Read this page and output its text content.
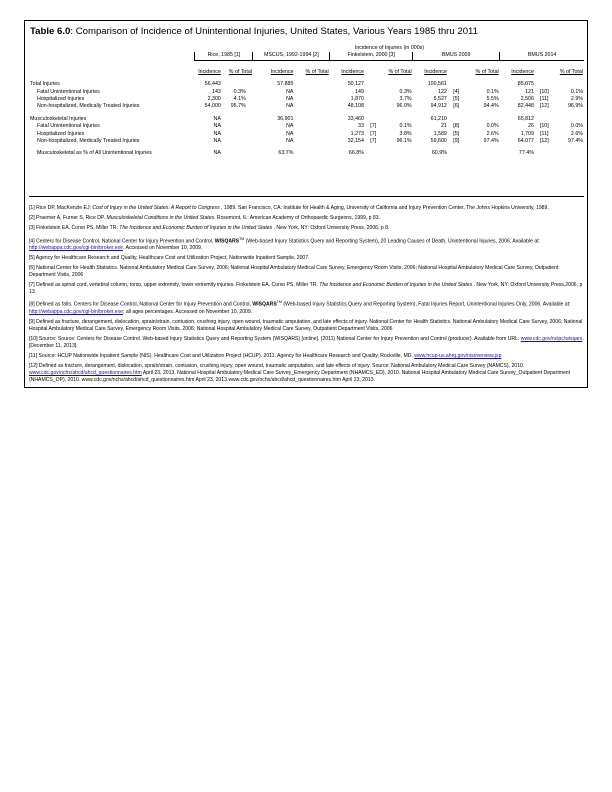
Table 6.0: Comparison of Incidence of Unintentional Injuries, United States, Various Years 1985 thru 2011
	Incidence of Injuries (in 000s)														
	Rice, 1985 [1]			MSCUS, 1992-1994 [2]			Finkelstein, 2000 [3]			BMUS 2009			BMUS 2014		
	Incidence	% of Total		Incidence	% of Total		Incidence	% of Total		Incidence	% of Total		Incidence	% of Total	

Total Injuries	56,443			57,885			50,127			100,561			85,075		
Fatal Unintentional Injuries	143	0.3%		NA			149		0.3%	122	[4]	0.1%	121	[10]	0.1%
Hospitalized Injuries	2,300	4.1%		NA			1,870		3.7%	5,527	[5]	5.5%	2,506	[11]	2.9%
Non-hospitalized, Medically Treated Injuries	54,000	95.7%		NA			48,108		96.0%	94,912	[6]	94.4%	82,448	[12]	96.9%

Musculoskeletal Injuries	NA			36,901			33,460			61,210			65,812		
Fatal Unintentional Injuries	NA			NA			33	[7]	0.1%	21	[8]	0.0%	26	[10]	0.0%
Hospitalized Injuries	NA			NA			1,273	[7]	3.8%	1,589	[5]	2.6%	1,709	[11]	2.6%
Non-hospitalized, Medically Treated Injuries	NA			NA			32,154	[7]	96.1%	59,600	[9]	97.4%	64,077	[12]	97.4%

Musculoskeletal as % of All Unintentional Injuries	NA			63.7%			66.8%			60.9%			77.4%		

[1] Rice DP, MacKenzie EJ: Cost of Injury in the United States: A Report to Congress , 1989. San Francisco, CA: Institute for Health & Aging, University of California and Injury Prevention Center, The Johns Hopkins University, 1989.

[2] Praemer A, Furner S, Rice DP. Musculoskeletal Conditions in the United States. Rosemont, IL: American Academy of Orthopaedic Surgeons, 1999, p 83.

[3] Finkelstein EA, Corso PS, Miller TR. The Incidence and Economic Burden of Injuries in the United States . New York, NY: Oxford University Press, 2006, p 8.

[4] Centers for Disease Control, National Center for Injury Prevention and Control, WISQARS™ (Web-based Injury Statistics Query and Reporting System), 20 Leading Causes of Death, Unintentional Injuries, 2006. Available at: http://webappa.cdc.gov/cgi-bin/broker.exe. Accessed on November 10, 2009.

[5] Agency for Healthcare Research and Quality, Healthcare Cost and Utilization Project, Nationwide Inpatient Sample, 2007

[6] National Center for Health Statistics. National Ambulatory Medical Care Survey, 2006; National Hospital Ambulatory Medical Care Survey, Emergency Room Visits, 2006; National Hospital Ambulatory Medical Care Survey, Outpatient Department Visits, 2006

[7] Defined as spinal cord, vertebral column, torso, upper extremity, lower extremity injuries. Finkelstein EA, Corso PS, Miller TR. The Incidence and Economic Burden of Injuries in the United States . New York, NY: Oxford University Press,2006, p 13.

[8] Defined as falls. Centers for Disease Control, National Center for Injury Prevention and Control, WISQARS™ (Web-based Injury Statistics Query and Reporting System), Fatal Injuries Report, Unintentional Injuries Only, 2006. Available at: http://webappa.cdc.gov/cgi-bin/broker.exe; all ages percentages. Accessed on November 10, 2009.

[9] Defined as fracture, derangement, dislocation, sprain/strain, contusion, crushing injury, open wound, traumatic amputation, and late effects of injury. National Center for Health Statistics. National Ambulatory Medical Care Survey, 2006; National Hospital Ambulatory Medical Care Survey, Emergency Room Visits, 2006; National Hospital Ambulatory Medical Care Survey, Outpatient Department Visits, 2006

[10] Source: Source: Centers for Disease Control. Web-based Injury Statistics Query and Reporting System (WISQARS) [online]. (2011) National Center for Injury Prevention and Control (producer). Available from URL: www.cdc.gov/ncipc/wisqars. [December 11, 2013].

[11] Source: HCUP Nationwide Inpatient Sample (NIS). Healthcare Cost and Utilization Project (HCUP). 2011. Agency for Healthcare Research and Quality, Rockville, MD. www.hcup-us.ahrq.gov/nisoverview.jsp

[12] Defined as fracture, derangement, dislocation, sprain/strain, contusion, crushing injury, open wound, traumatic amputation, and late effects of injury. Source: National Ambulatory Medical Care Survey (NAMCS), 2010. www.cdc.gov/nchs/ahcd/ahcd_questionnaires.htm April 23, 2013. National Hospital Ambulatory Medical Care Survey_Emergency Department (NHAMCS_ED), 2010. National Hospital Ambulatory Medical Care Survey_Outpatient Department (NHAMCS_OP), 2010. www.cdc.gov/nchs/ahcd/ahcd_questionnaires.htm April 23, 2013.www.cdc.gov/nchs/ahcd/ahcd_questionnaires.htm April 23, 2013.
